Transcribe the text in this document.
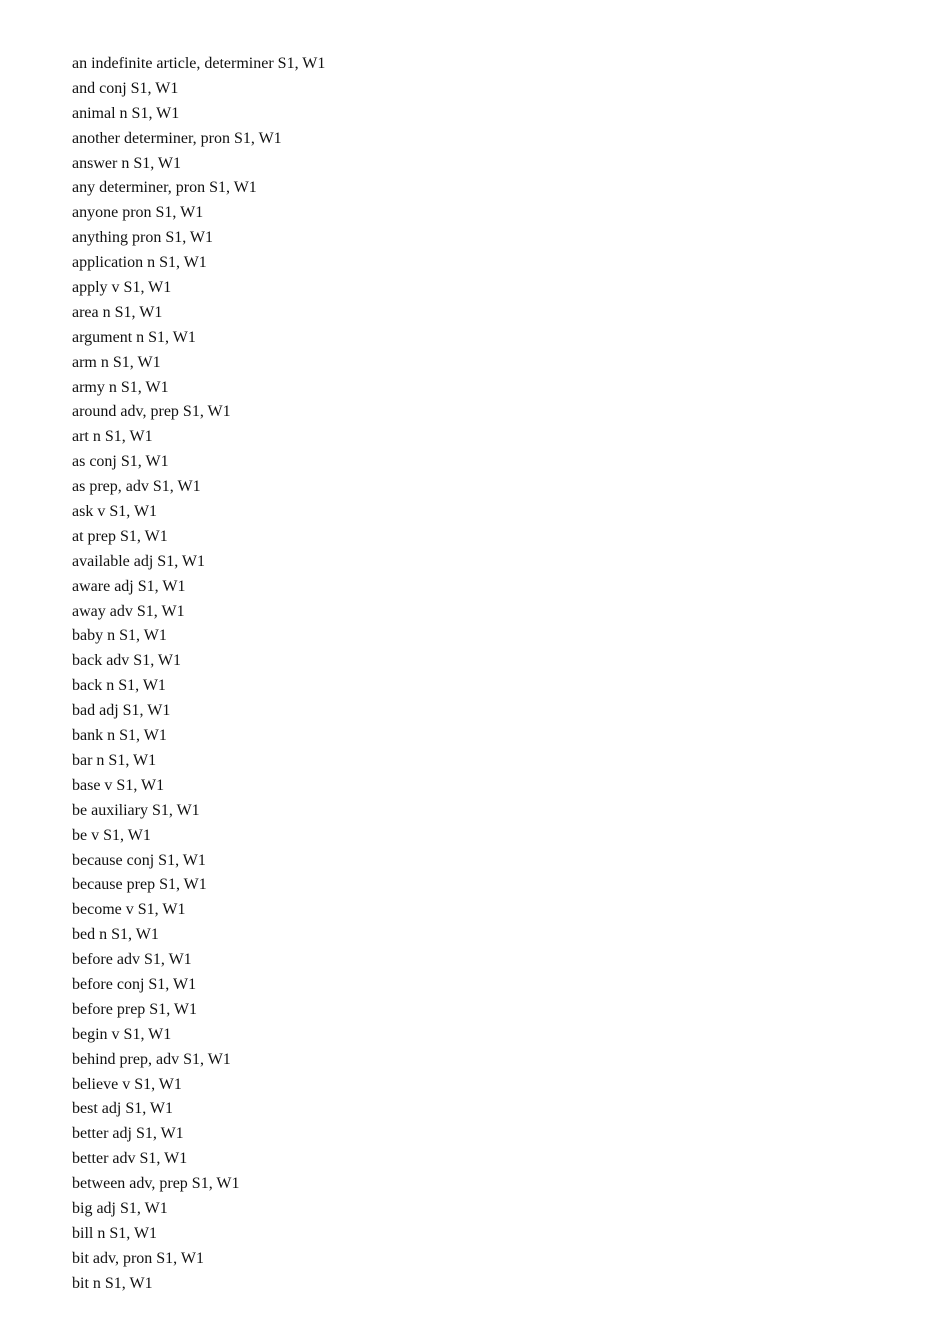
an indefinite article, determiner S1, W1
and conj S1, W1
animal n S1, W1
another determiner, pron S1, W1
answer n S1, W1
any determiner, pron S1, W1
anyone pron S1, W1
anything pron S1, W1
application n S1, W1
apply v S1, W1
area n S1, W1
argument n S1, W1
arm n S1, W1
army n S1, W1
around adv, prep S1, W1
art n S1, W1
as conj S1, W1
as prep, adv S1, W1
ask v S1, W1
at prep S1, W1
available adj S1, W1
aware adj S1, W1
away adv S1, W1
baby n S1, W1
back adv S1, W1
back n S1, W1
bad adj S1, W1
bank n S1, W1
bar n S1, W1
base v S1, W1
be auxiliary S1, W1
be v S1, W1
because conj S1, W1
because prep S1, W1
become v S1, W1
bed n S1, W1
before adv S1, W1
before conj S1, W1
before prep S1, W1
begin v S1, W1
behind prep, adv S1, W1
believe v S1, W1
best adj S1, W1
better adj S1, W1
better adv S1, W1
between adv, prep S1, W1
big adj S1, W1
bill n S1, W1
bit adv, pron S1, W1
bit n S1, W1
